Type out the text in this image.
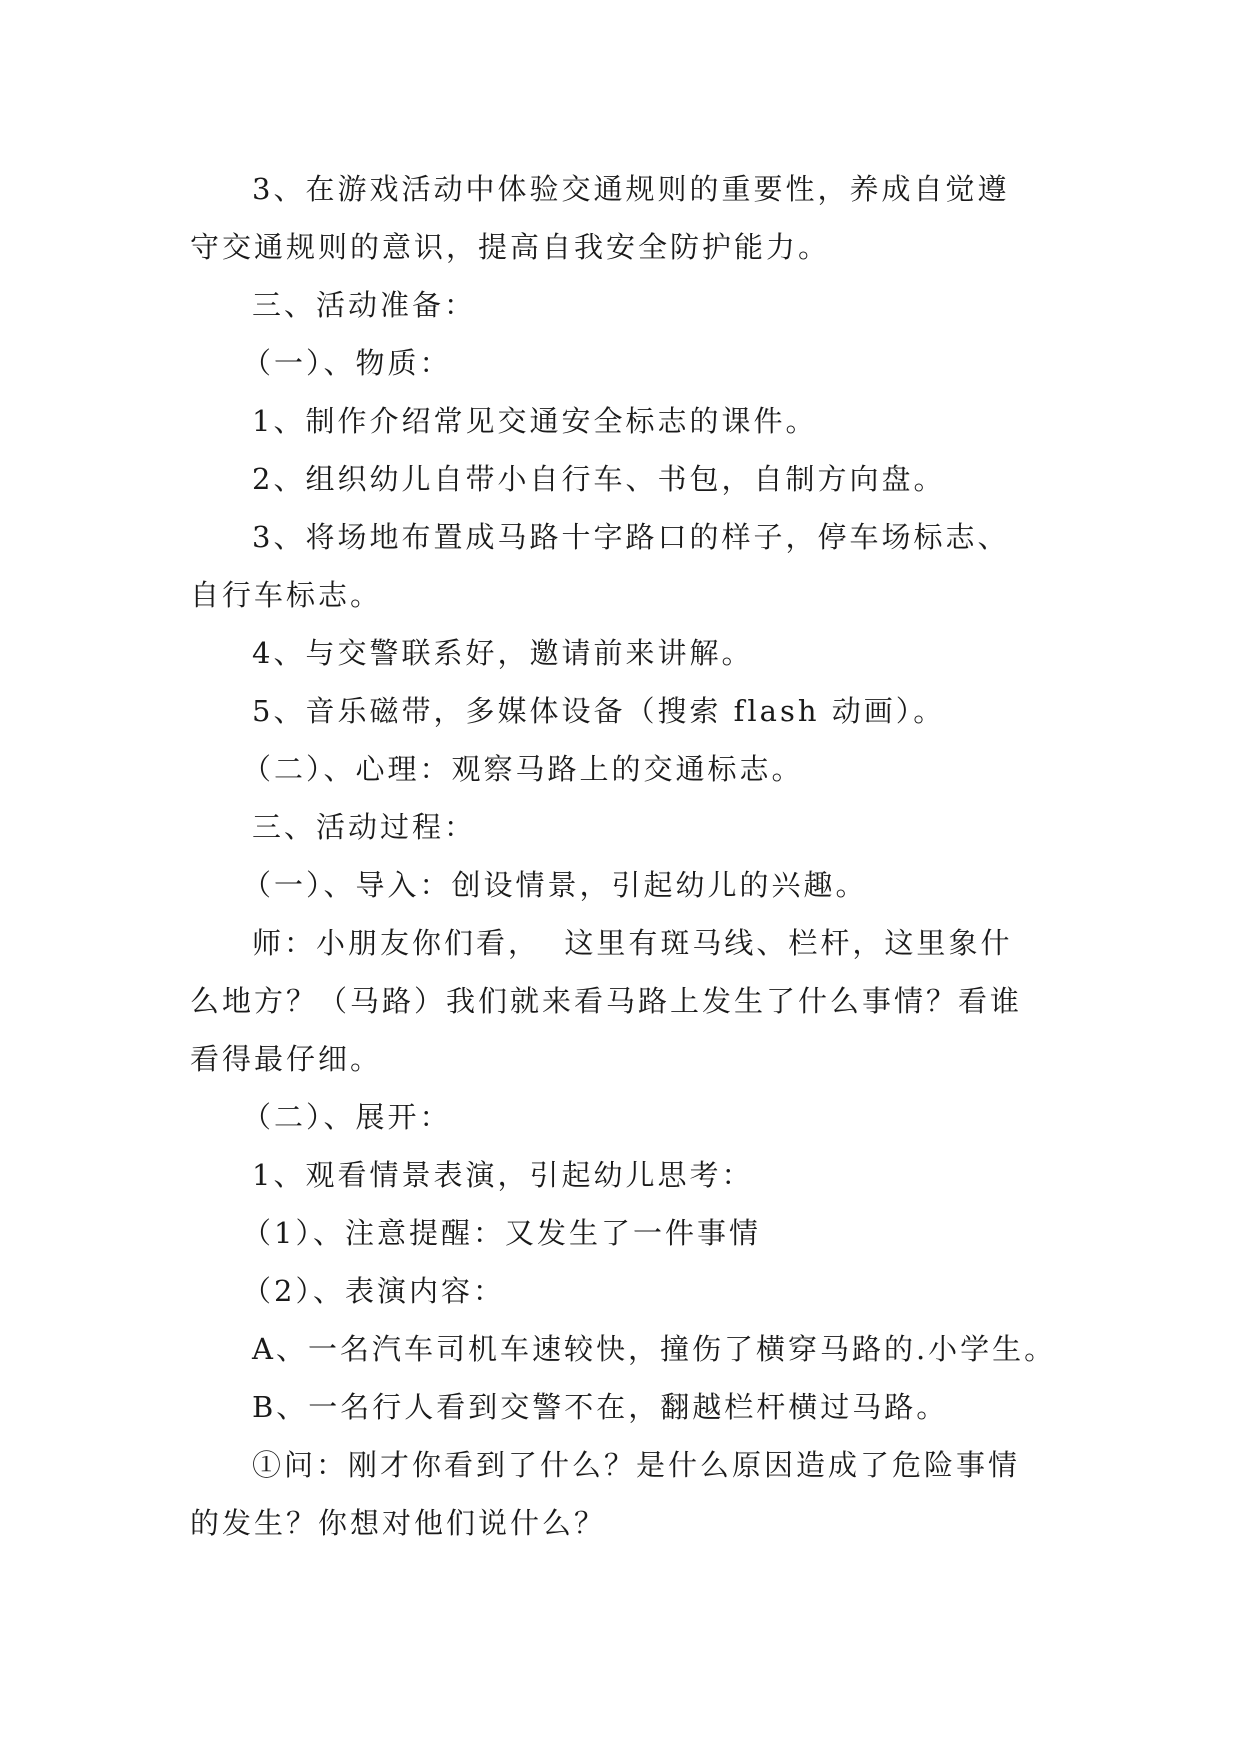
3、在游戏活动中体验交通规则的重要性，养成自觉遵
守交通规则的意识，提高自我安全防护能力。

三、活动准备：

（一）、物质：

1、制作介绍常见交通安全标志的课件。

2、组织幼儿自带小自行车、书包，自制方向盘。

3、将场地布置成马路十字路口的样子，停车场标志、
自行车标志。

4、与交警联系好，邀请前来讲解。

5、音乐磁带，多媒体设备（搜索 flash 动画）。

（二）、心理：观察马路上的交通标志。

三、活动过程：

（一）、导入：创设情景，引起幼儿的兴趣。

师：小朋友你们看，  这里有斑马线、栏杆，这里象什
么地方？（马路）我们就来看马路上发生了什么事情？看谁
看得最仔细。

（二）、展开：

1、观看情景表演，引起幼儿思考：

（1）、注意提醒：又发生了一件事情

（2）、表演内容：

A、一名汽车司机车速较快，撞伤了横穿马路的.小学生。

B、一名行人看到交警不在，翻越栏杆横过马路。

①问：刚才你看到了什么？是什么原因造成了危险事情
的发生？你想对他们说什么？
